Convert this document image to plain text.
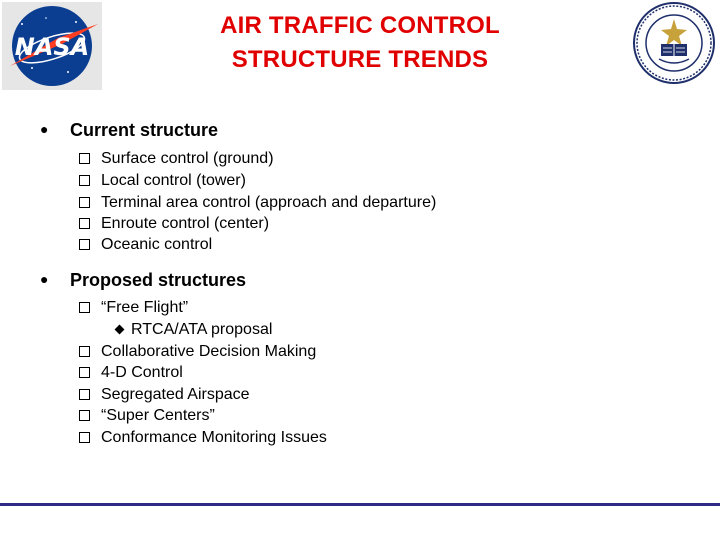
NASA
AIR TRAFFIC CONTROL
STRUCTURE TRENDS
● Current structure
Surface control (ground)
Local control (tower)
Terminal area control (approach and departure)
Enroute control (center)
Oceanic control
● Proposed structures
“Free Flight”
RTCA/ATA proposal
Collaborative Decision Making
4-D Control
Segregated Airspace
“Super Centers”
Conformance Monitoring Issues
